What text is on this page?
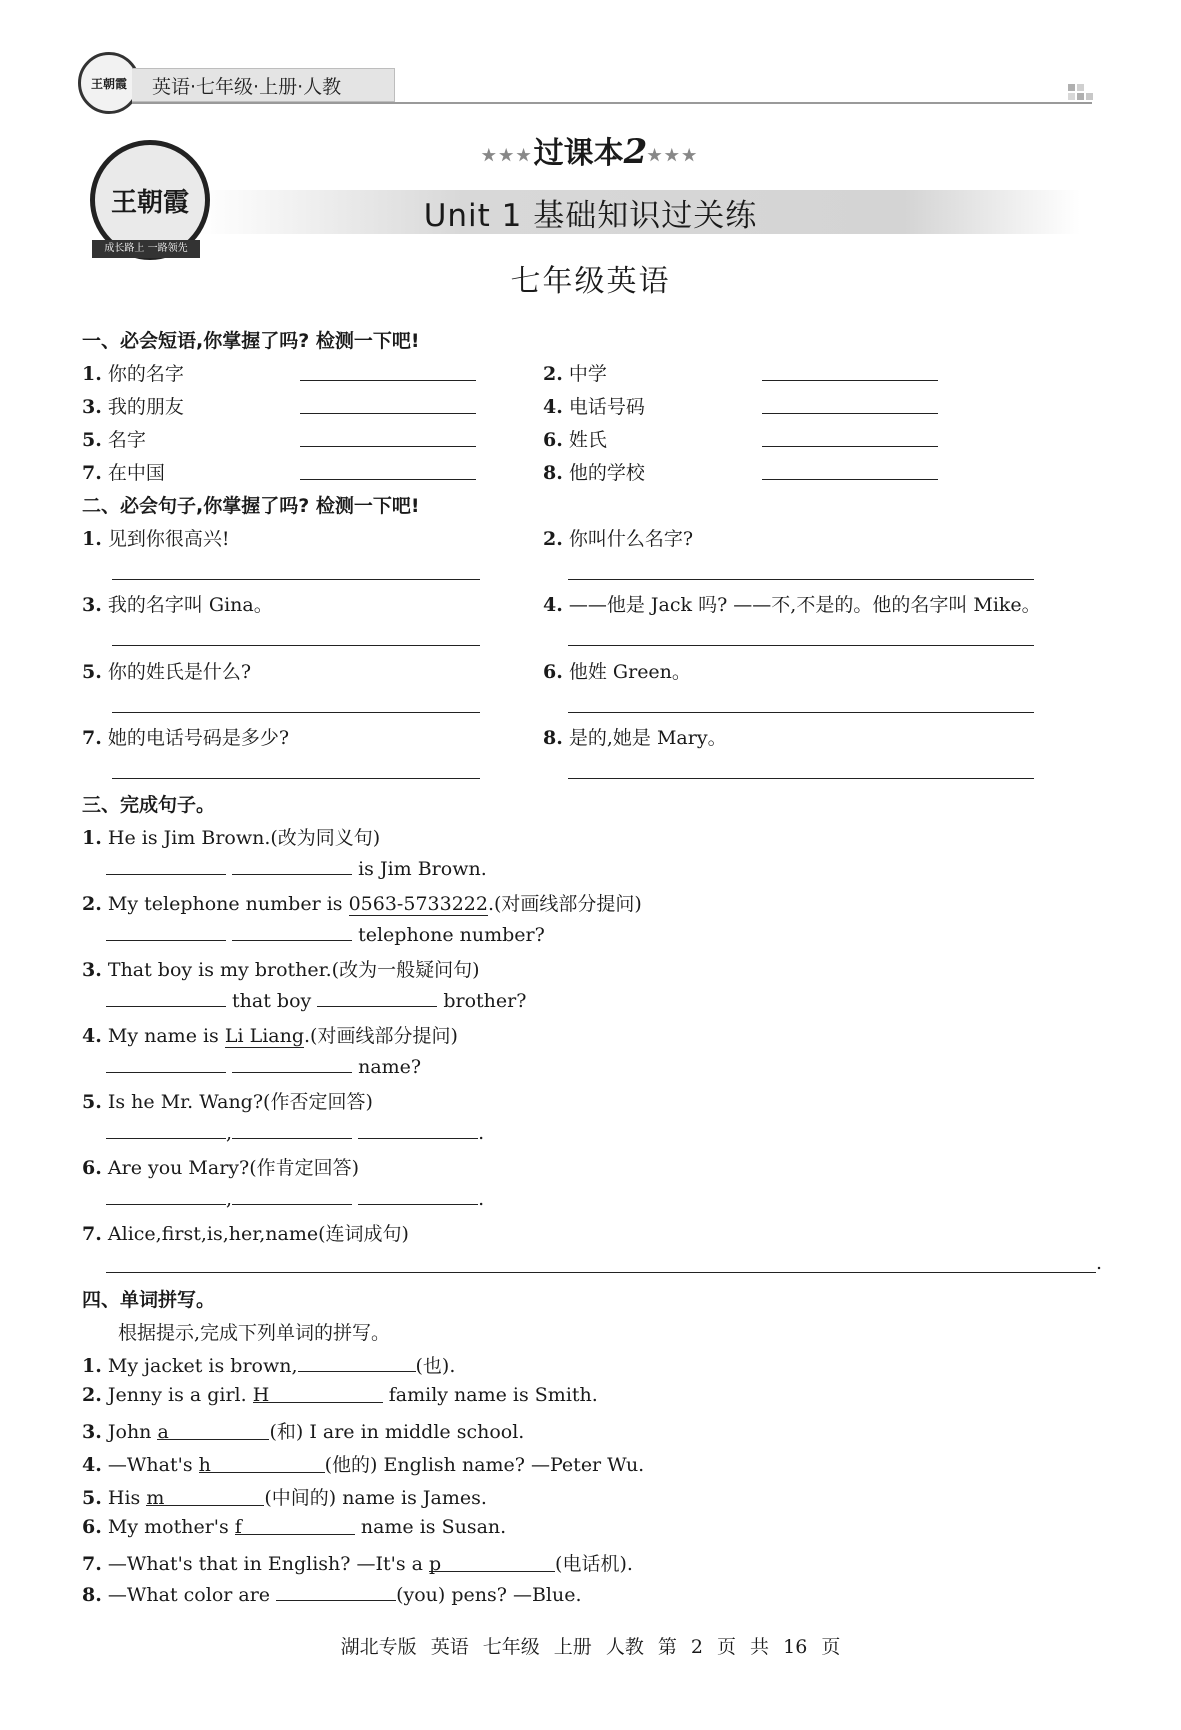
王朝霞 英语·七年级·上册·人教
王朝霞
成长路上 一路领先
★★★过课本2★★★
Unit 1 基础知识过关练
七年级英语
一、必会短语,你掌握了吗? 检测一下吧!
1. 你的名字	2. 中学
3. 我的朋友	4. 电话号码
5. 名字	6. 姓氏
7. 在中国	8. 他的学校
二、必会句子,你掌握了吗? 检测一下吧!
1. 见到你很高兴!	2. 你叫什么名字?
3. 我的名字叫 Gina。	4. ——他是 Jack 吗? ——不,不是的。他的名字叫 Mike。
5. 你的姓氏是什么?	6. 他姓 Green。
7. 她的电话号码是多少?	8. 是的,她是 Mary。
三、完成句子。
1. He is Jim Brown.(改为同义句)
is Jim Brown.
2. My telephone number is 0563-5733222.(对画线部分提问)
telephone number?
3. That boy is my brother.(改为一般疑问句)
that boy	brother?
4. My name is Li Liang.(对画线部分提问)
name?
5. Is he Mr. Wang?(作否定回答)
,	.
6. Are you Mary?(作肯定回答)
,	.
7. Alice,first,is,her,name(连词成句)
.
四、单词拼写。
根据提示,完成下列单词的拼写。
1. My jacket is brown,	(也).
2. Jenny is a girl. H	family name is Smith.
3. John a	(和) I are in middle school.
4. —What's h	(他的) English name? —Peter Wu.
5. His m	(中间的) name is James.
6. My mother's f	name is Susan.
7. —What's that in English? —It's a p	(电话机).
8. —What color are	(you) pens? —Blue.
湖北专版 英语 七年级 上册 人教 第 2 页 共 16 页
